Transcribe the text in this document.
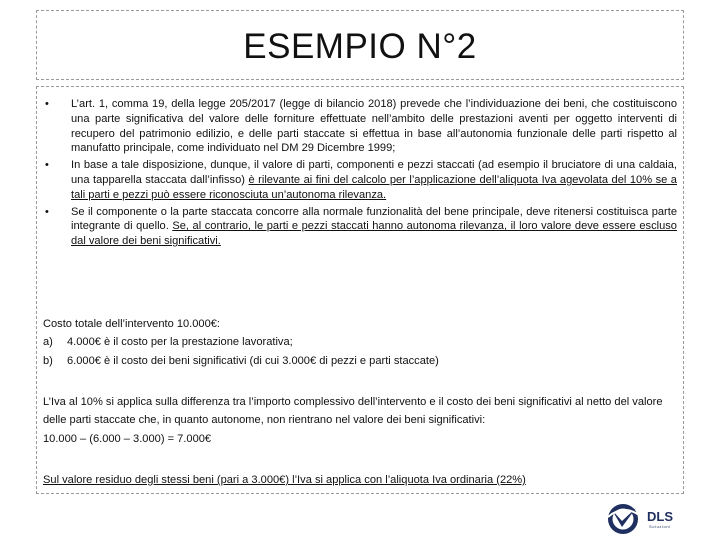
ESEMPIO N°2
• L’art. 1, comma 19, della legge 205/2017 (legge di bilancio 2018) prevede che l’individuazione dei beni, che costituiscono una parte significativa del valore delle forniture effettuate nell’ambito delle prestazioni aventi per oggetto interventi di recupero del patrimonio edilizio, e delle parti staccate si effettua in base all’autonomia funzionale delle parti rispetto al manufatto principale, come individuato nel DM 29 Dicembre 1999;
• In base a tale disposizione, dunque, il valore di parti, componenti e pezzi staccati (ad esempio il bruciatore di una caldaia, una tapparella staccata dall’infisso) è rilevante ai fini del calcolo per l’applicazione dell’aliquota Iva agevolata del 10% se a tali parti e pezzi può essere riconosciuta un’autonoma rilevanza.
• Se il componente o la parte staccata concorre alla normale funzionalità del bene principale, deve ritenersi costituisca parte integrante di quello. Se, al contrario, le parti e pezzi staccati hanno autonoma rilevanza, il loro valore deve essere escluso dal valore dei beni significativi.

Costo totale dell’intervento 10.000€:

a) 4.000€ è il costo per la prestazione lavorativa;

b) 6.000€ è il costo dei beni significativi (di cui 3.000€ di pezzi e parti staccate)

L’Iva al 10% si applica sulla differenza tra l’importo complessivo dell’intervento e il costo dei beni significativi al netto del valore delle parti staccate che, in quanto autonome, non rientrano nel valore dei beni significativi:

10.000 – (6.000 – 3.000) = 7.000€

Sul valore residuo degli stessi beni (pari a 3.000€) l’Iva si applica con l’aliquota Iva ordinaria (22%)

DLS
Soluzioni
